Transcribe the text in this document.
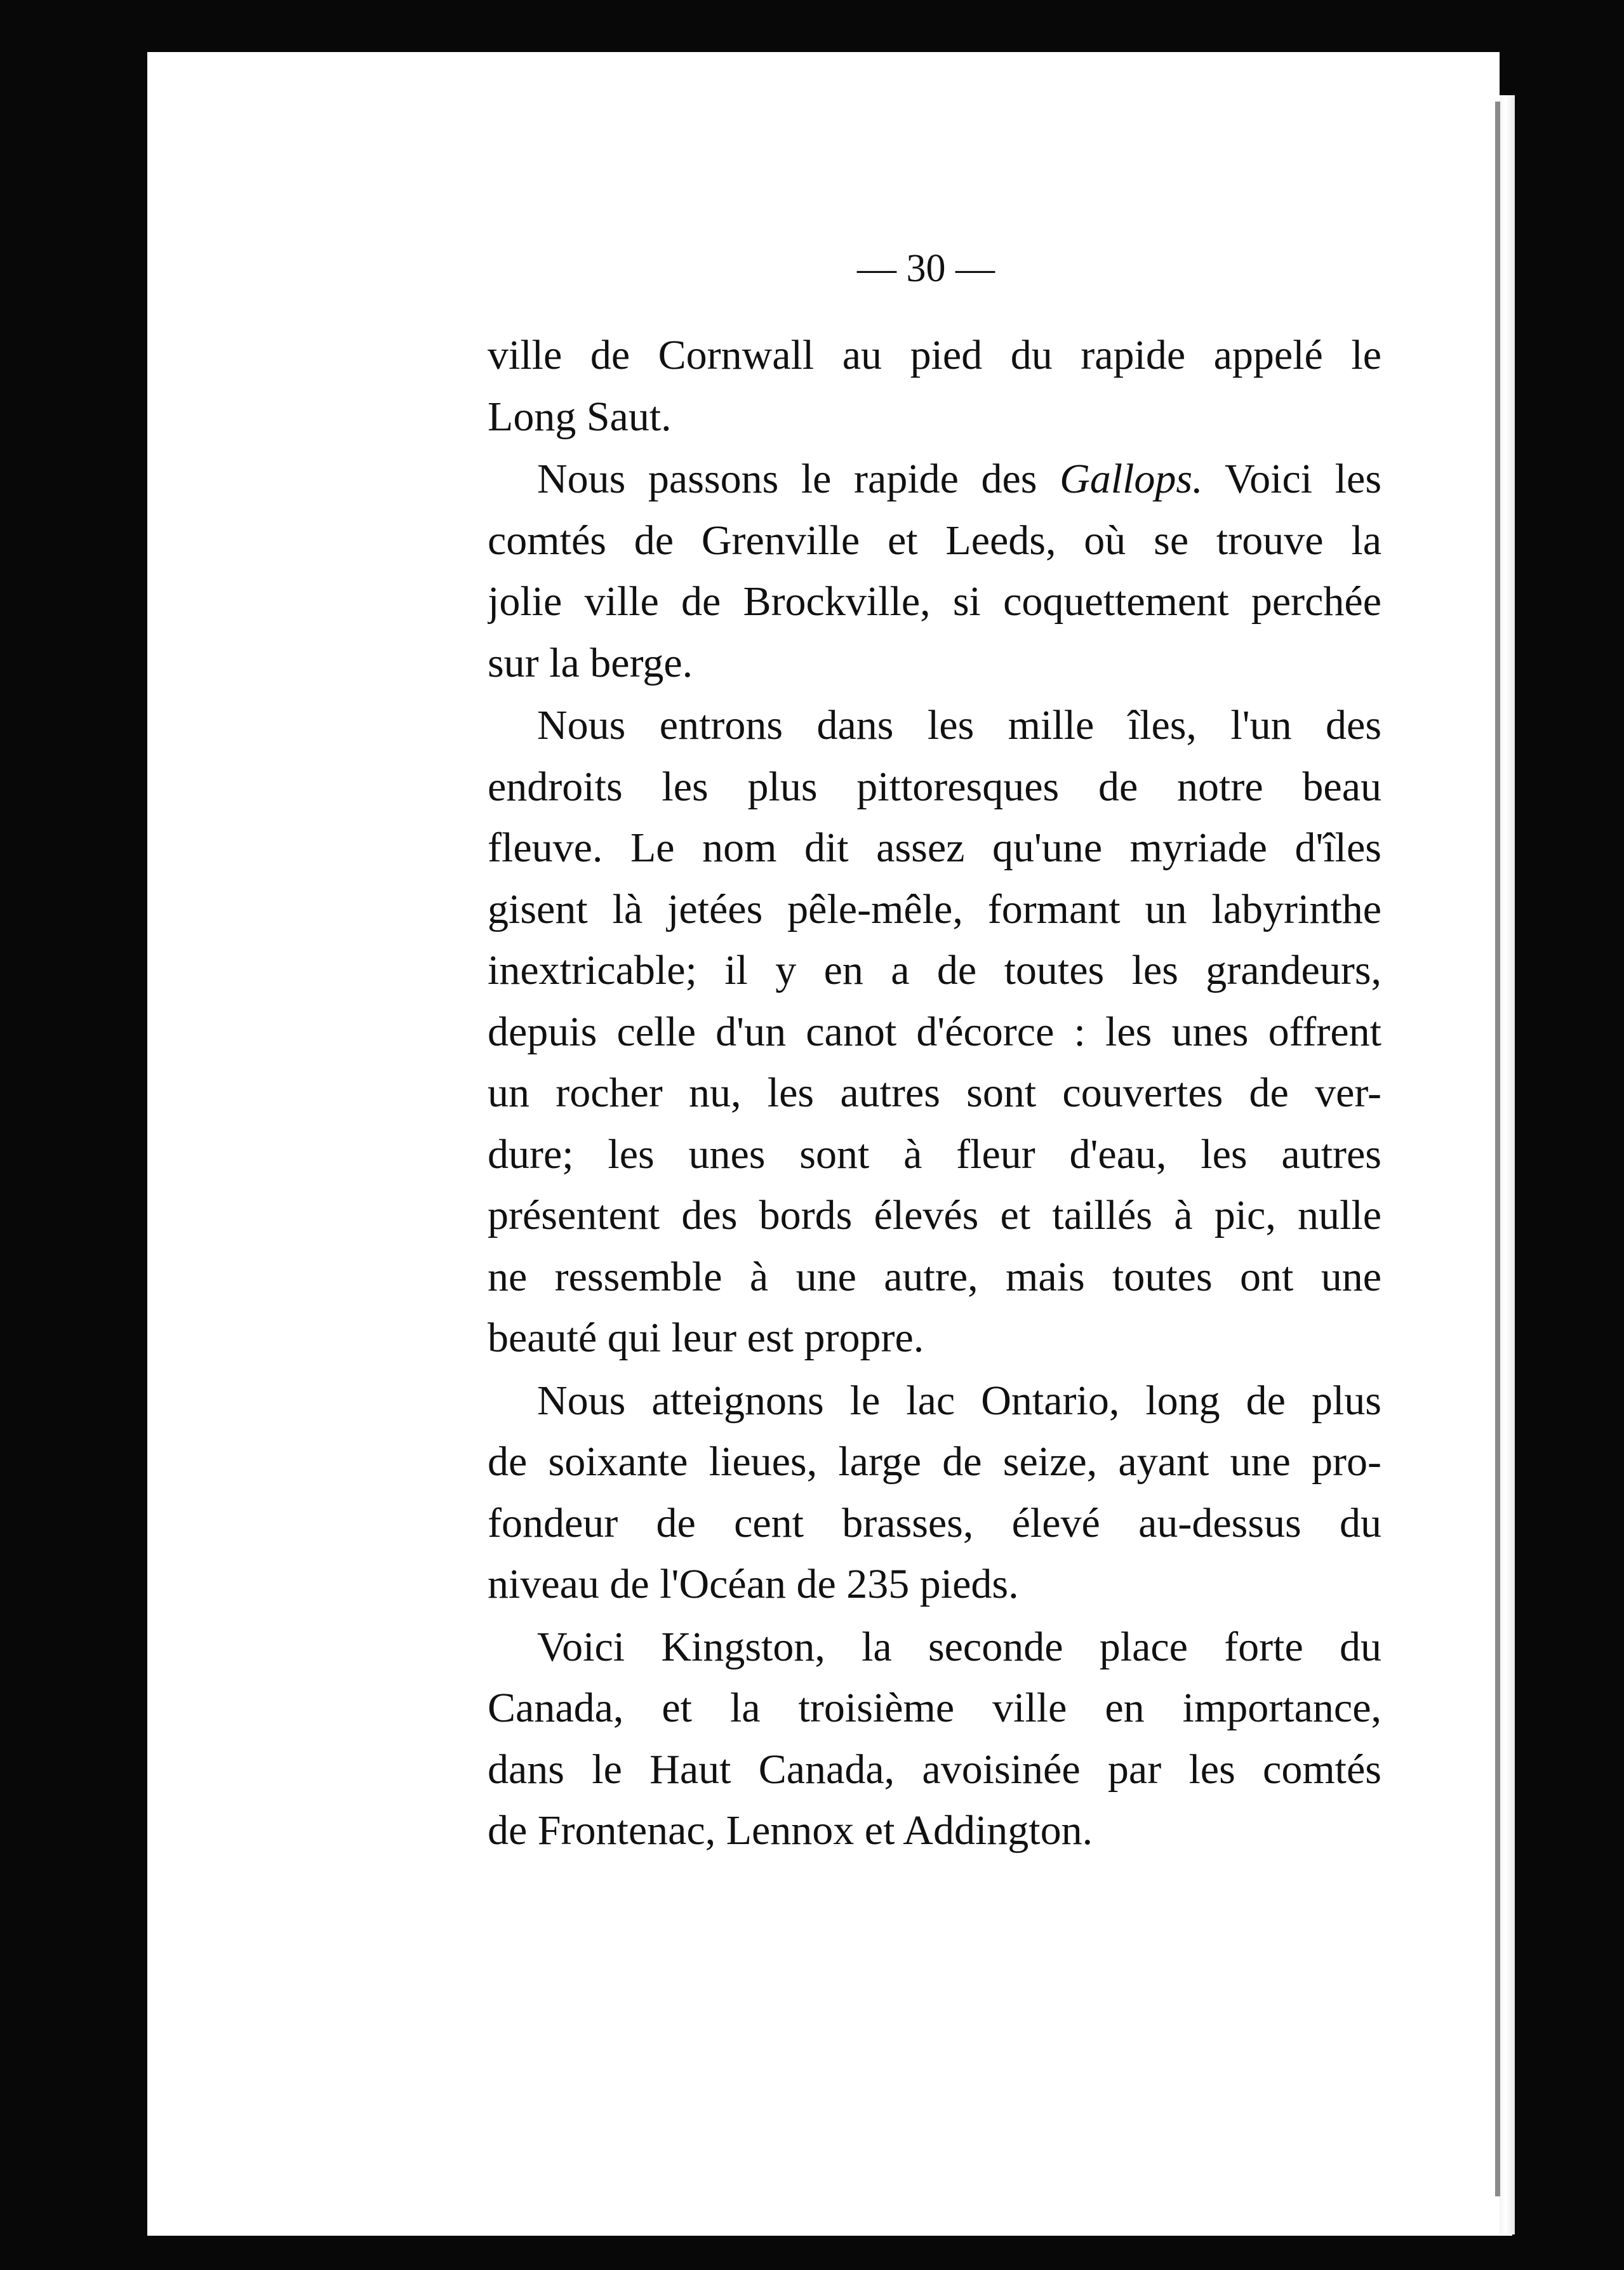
— 30 —
ville de Cornwall au pied du rapide appelé le
Long Saut.
Nous passons le rapide des Gallops. Voici les
comtés de Grenville et Leeds, où se trouve la
jolie ville de Brockville, si coquettement perchée
sur la berge.
Nous entrons dans les mille îles, l'un des
endroits les plus pittoresques de notre beau
fleuve. Le nom dit assez qu'une myriade d'îles
gisent là jetées pêle-mêle, formant un labyrinthe
inextricable; il y en a de toutes les grandeurs,
depuis celle d'un canot d'écorce : les unes offrent
un rocher nu, les autres sont couvertes de ver-
dure; les unes sont à fleur d'eau, les autres
présentent des bords élevés et taillés à pic, nulle
ne ressemble à une autre, mais toutes ont une
beauté qui leur est propre.
Nous atteignons le lac Ontario, long de plus
de soixante lieues, large de seize, ayant une pro-
fondeur de cent brasses, élevé au-dessus du
niveau de l'Océan de 235 pieds.
Voici Kingston, la seconde place forte du
Canada, et la troisième ville en importance,
dans le Haut Canada, avoisinée par les comtés
de Frontenac, Lennox et Addington.
